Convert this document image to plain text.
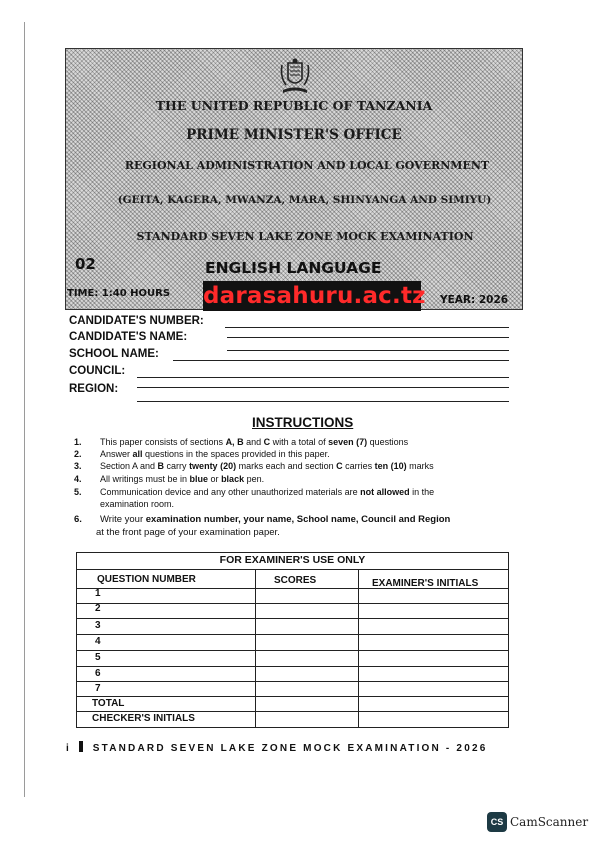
THE UNITED REPUBLIC OF TANZANIA
PRIME MINISTER'S OFFICE
REGIONAL ADMINISTRATION AND LOCAL GOVERNMENT
(GEITA, KAGERA, MWANZA, MARA, SHINYANGA AND SIMIYU)
STANDARD SEVEN LAKE ZONE MOCK EXAMINATION
02	ENGLISH LANGUAGE
TIME: 1:40 HOURS darasahuru.ac.tz YEAR: 2026
CANDIDATE'S NUMBER:
CANDIDATE'S NAME:
SCHOOL NAME:
COUNCIL:
REGION:
INSTRUCTIONS
1. This paper consists of sections A, B and C with a total of seven (7) questions
2. Answer all questions in the spaces provided in this paper.
3. Section A and B carry twenty (20) marks each and section C carries ten (10) marks
4. All writings must be in blue or black pen.
5. Communication device and any other unauthorized materials are not allowed in the
examination room.
6. Write your examination number, your name, School name, Council and Region
at the front page of your examination paper.
FOR EXAMINER'S USE ONLY
QUESTION NUMBER	SCORES	EXAMINER'S INITIALS
1
2
3
4
5
6
7
TOTAL
CHECKER'S INITIALS
i STANDARD SEVEN LAKE ZONE MOCK EXAMINATION - 2026
CS CamScanner
